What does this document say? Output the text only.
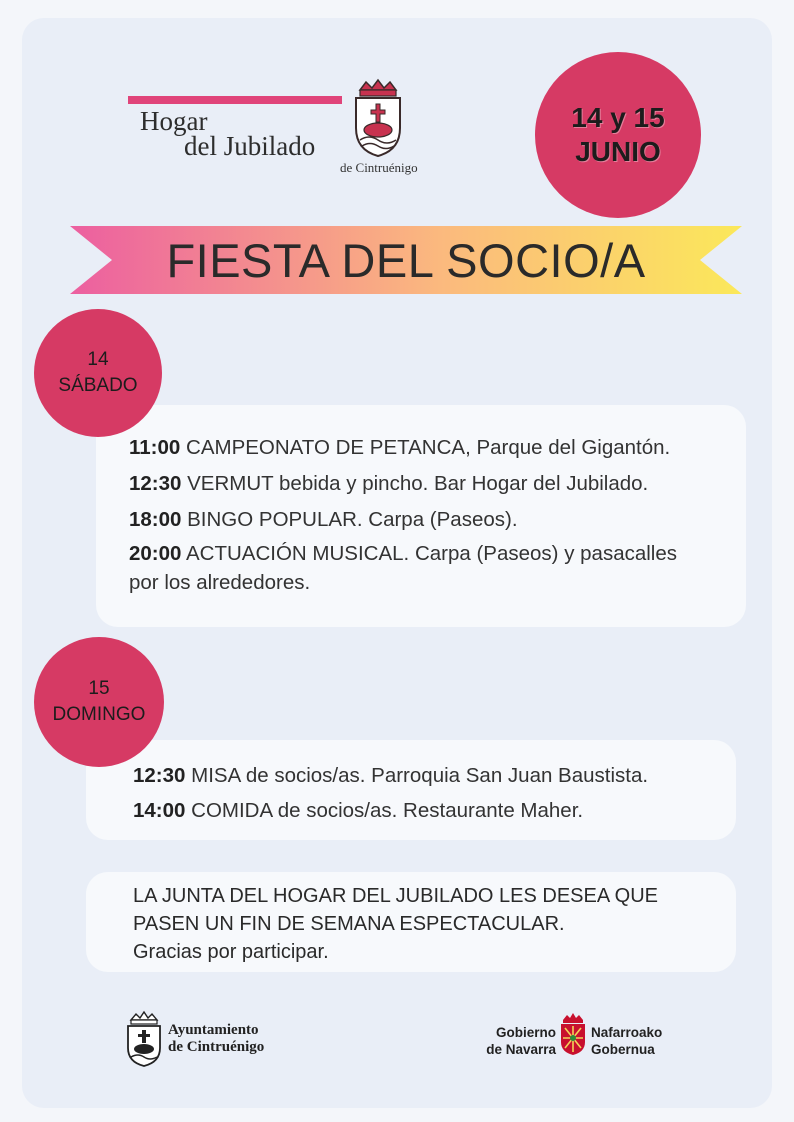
Hogar
del Jubilado
de Cintruénigo
14 y 15
JUNIO
FIESTA DEL SOCIO/A
14
SÁBADO
11:00 CAMPEONATO DE PETANCA, Parque del Gigantón.
12:30 VERMUT bebida y pincho. Bar Hogar del Jubilado.
18:00 BINGO POPULAR. Carpa (Paseos).
20:00 ACTUACIÓN MUSICAL. Carpa (Paseos) y pasacalles
por los alrededores.
15
DOMINGO
12:30 MISA de socios/as. Parroquia San Juan Baustista.
14:00 COMIDA de socios/as. Restaurante Maher.
LA JUNTA DEL HOGAR DEL JUBILADO LES DESEA QUE
PASEN UN FIN DE SEMANA ESPECTACULAR.
Gracias por participar.
Ayuntamiento
de Cintruénigo
Gobierno
de Navarra
Nafarroako
Gobernua
